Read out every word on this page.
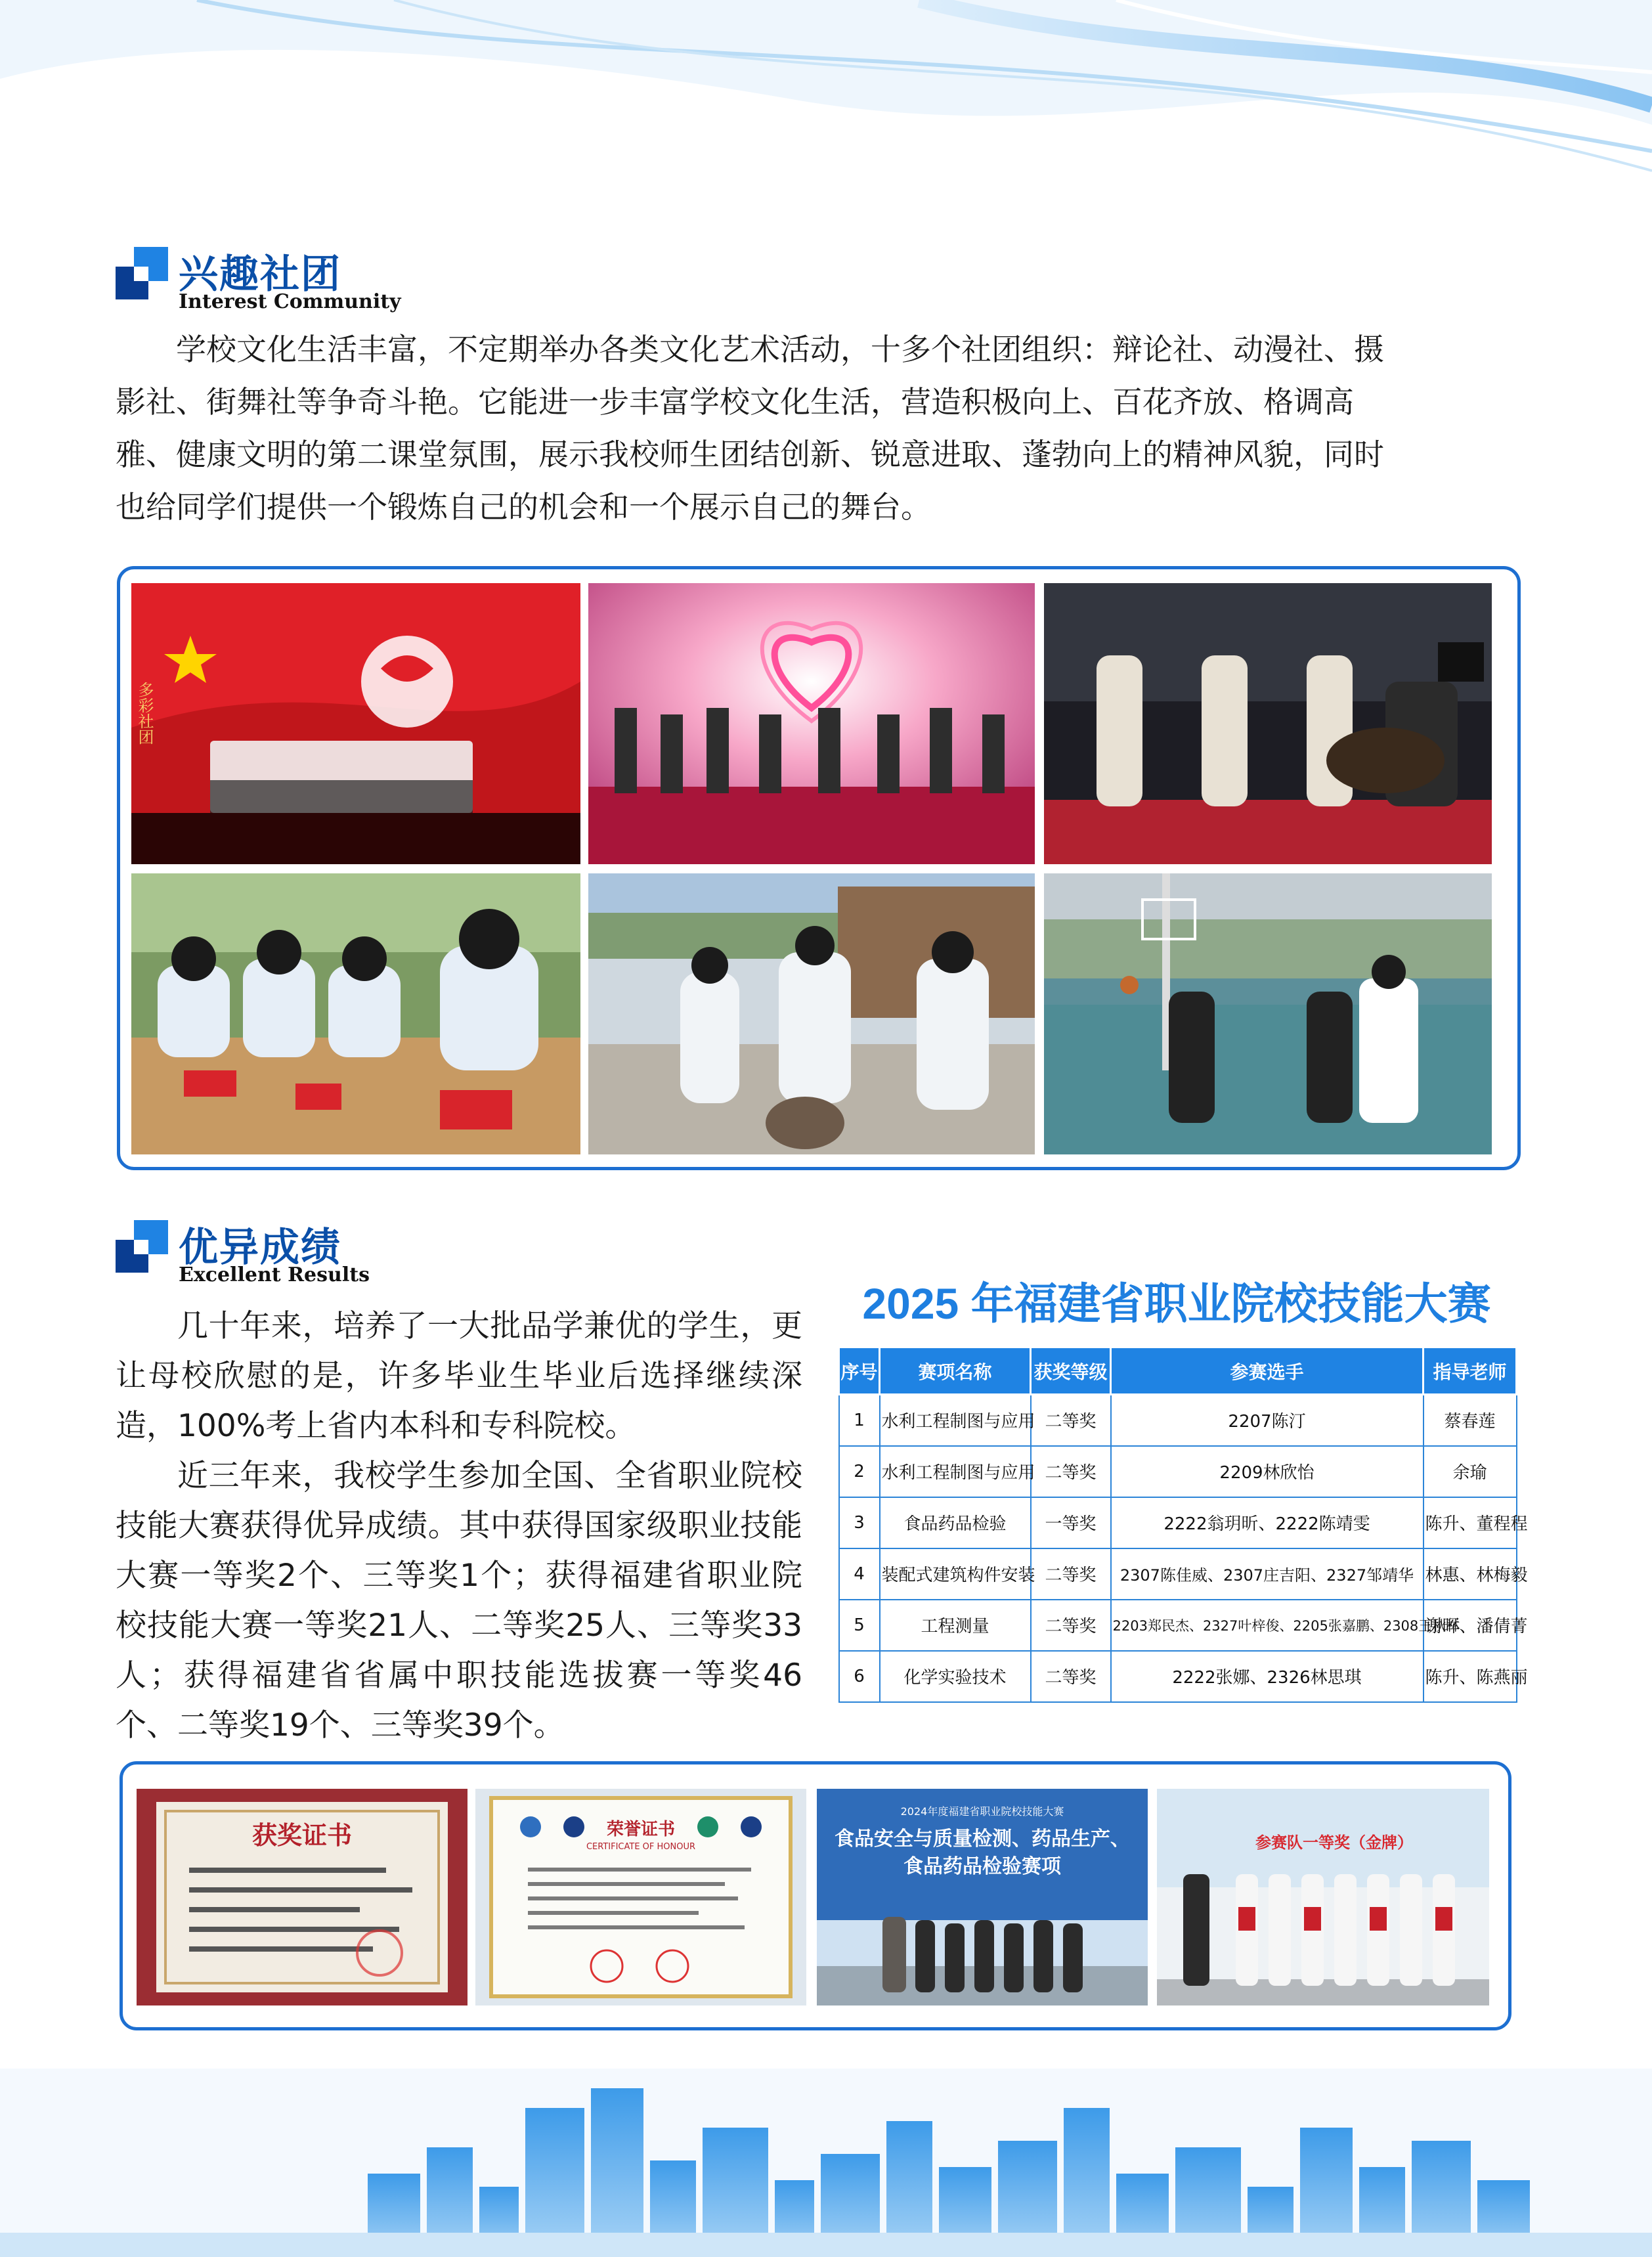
兴趣社团
Interest Community
学校文化生活丰富，不定期举办各类文化艺术活动，十多个社团组织：辩论社、动漫社、摄
影社、街舞社等争奇斗艳。它能进一步丰富学校文化生活，营造积极向上、百花齐放、格调高
雅、健康文明的第二课堂氛围，展示我校师生团结创新、锐意进取、蓬勃向上的精神风貌，同时
也给同学们提供一个锻炼自己的机会和一个展示自己的舞台。
多彩社团
优异成绩
Excellent Results

几十年来，培养了一大批品学兼优的学生，更让母校欣慰的是，许多毕业生毕业后选择继续深造，100%考上省内本科和专科院校。

近三年来，我校学生参加全国、全省职业院校技能大赛获得优异成绩。其中获得国家级职业技能大赛一等奖2个、三等奖1个；获得福建省职业院校技能大赛一等奖21人、二等奖25人、三等奖33人；获得福建省省属中职技能选拔赛一等奖46个、二等奖19个、三等奖39个。

2025 年福建省职业院校技能大赛
序号	赛项名称	获奖等级	参赛选手	指导老师
1	水利工程制图与应用	二等奖	2207陈汀	蔡春莲
2	水利工程制图与应用	二等奖	2209林欣怡	余瑜
3	食品药品检验	一等奖	2222翁玥昕、2222陈靖雯	陈升、董程程
4	装配式建筑构件安装	二等奖	2307陈佳威、2307庄吉阳、2327邹靖华	林惠、林梅毅
5	工程测量	二等奖	2203郑民杰、2327叶梓俊、2205张嘉鹏、2308王秋林	谢晖、潘倩菁
6	化学实验技术	二等奖	2222张娜、2326林思琪	陈升、陈燕丽
获奖证书	荣誉证书
CERTIFICATE OF HONOUR
2024年度福建省职业院校技能大赛
食品安全与质量检测、药品生产、
食品药品检验赛项
参赛队一等奖（金牌）
